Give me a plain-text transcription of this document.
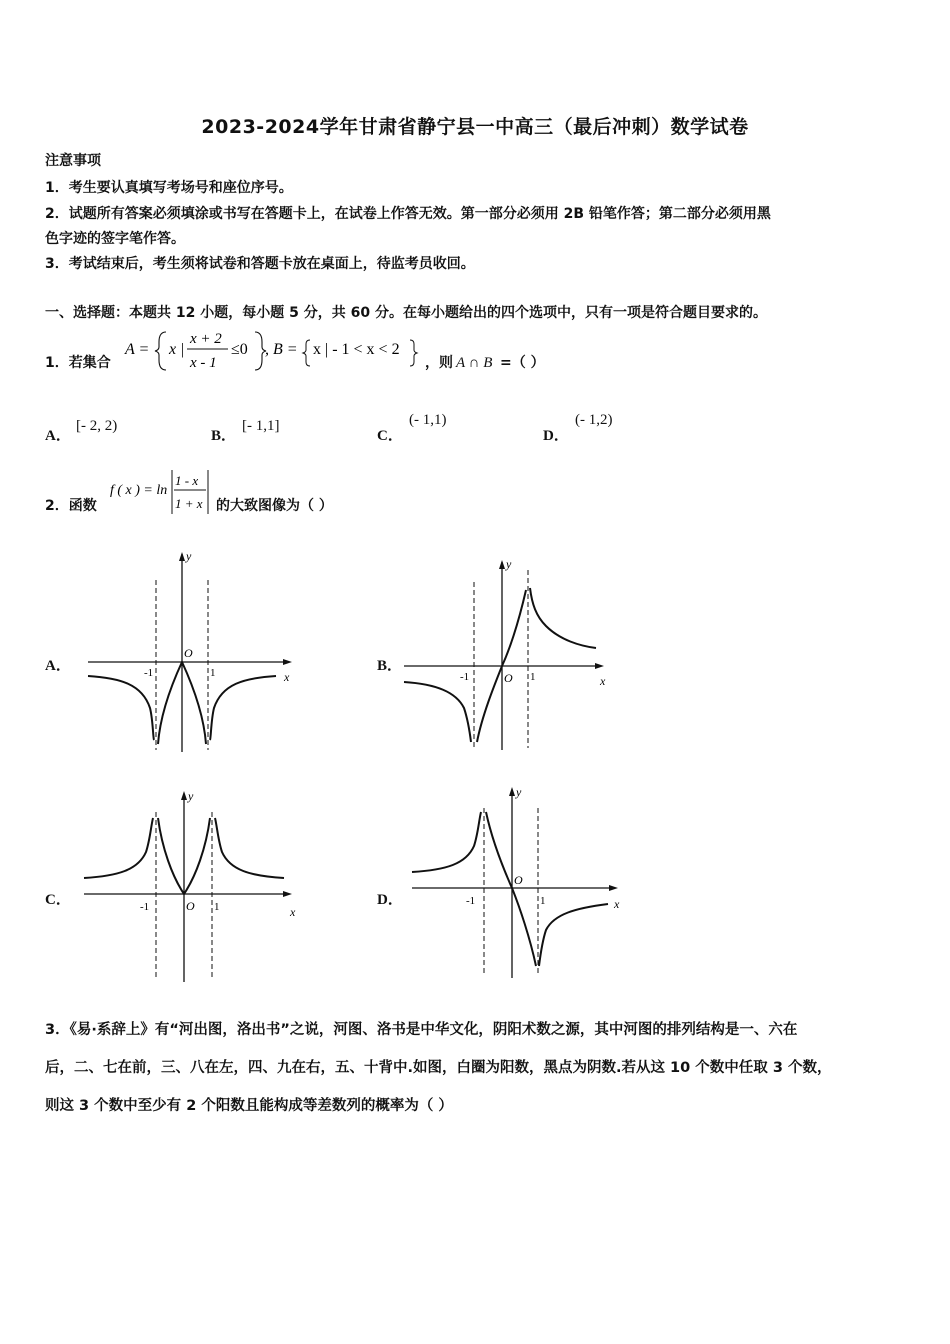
2023-2024学年甘肃省静宁县一中高三（最后冲刺）数学试卷
注意事项
1．考生要认真填写考场号和座位序号。
2．试题所有答案必须填涂或书写在答题卡上，在试卷上作答无效。第一部分必须用 2B 铅笔作答；第二部分必须用黑
色字迹的签字笔作答。
3．考试结束后，考生须将试卷和答题卡放在桌面上，待监考员收回。
一、选择题：本题共 12 小题，每小题 5 分，共 60 分。在每小题给出的四个选项中，只有一项是符合题目要求的。
1．若集合
A = x |
x + 2
x - 1
≤0 , B = x | - 1 < x < 2
，则 A ∩ B =（ ）
A．
[- 2, 2)
B．
[- 1,1]
C．
(- 1,1)
D．
(- 1,2)
2．函数
f ( x ) = ln
1 - x
1 + x 的大致图像为（ ）
A．
y
x
O
-1	1	B．
y
x
O
-1	1
C．
y
x
O
-1	1	D．
y
x
O
-1	1
3．《易·系辞上》有“河出图，洛出书”之说，河图、洛书是中华文化，阴阳术数之源，其中河图的排列结构是一、六在
后，二、七在前，三、八在左，四、九在右，五、十背中.如图，白圈为阳数，黑点为阴数.若从这 10 个数中任取 3 个数，
则这 3 个数中至少有 2 个阳数且能构成等差数列的概率为（ ）
